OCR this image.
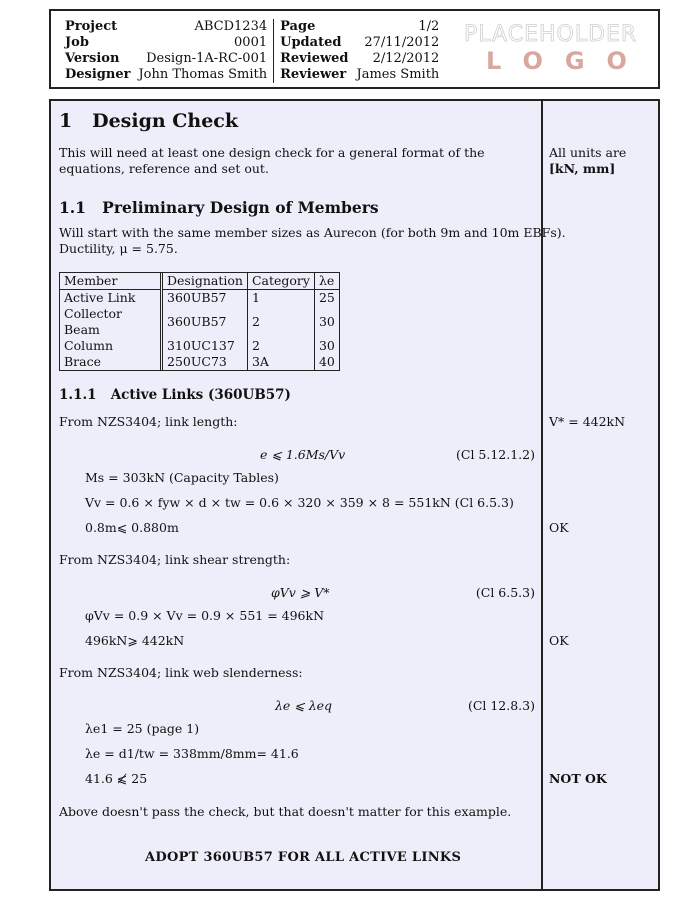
Project	ABCD1234		Page	1/2
Job	0001		Updated	27/11/2012
Version	Design-1A-RC-001		Reviewed	2/12/2012
Designer	John Thomas Smith		Reviewer	James Smith
PLACEHOLDER
LOGO
1 Design Check
This will need at least one design check for a general format of the equations, reference and set out.
1.1 Preliminary Design of Members
Will start with the same member sizes as Aurecon (for both 9m and 10m EBFs).
Ductility, μ = 5.75.
Member	Designation	Category	λe
Active Link	360UB57	1	25
Collector Beam	360UB57	2	30
Column	310UC137	2	30
Brace	250UC73	3A	40
1.1.1 Active Links (360UB57)
From NZS3404; link length:
e ⩽ 1.6Ms/Vv	(Cl 5.12.1.2)
Ms = 303kN (Capacity Tables)
Vv = 0.6 × fyw × d × tw = 0.6 × 320 × 359 × 8 = 551kN (Cl 6.5.3)
0.8m⩽ 0.880m
From NZS3404; link shear strength:
φVv ⩾ V*	(Cl 6.5.3)
φVv = 0.9 × Vv = 0.9 × 551 = 496kN
496kN⩾ 442kN
From NZS3404; link web slenderness:
λe ⩽ λeq	(Cl 12.8.3)
λe1 = 25 (page 1)
λe = d1/tw = 338mm/8mm= 41.6
41.6 ⩽̸ 25
Above doesn't pass the check, but that doesn't matter for this example.
ADOPT 360UB57 FOR ALL ACTIVE LINKS
All units are
[kN, mm]
V* = 442kN
OK
OK
NOT OK
